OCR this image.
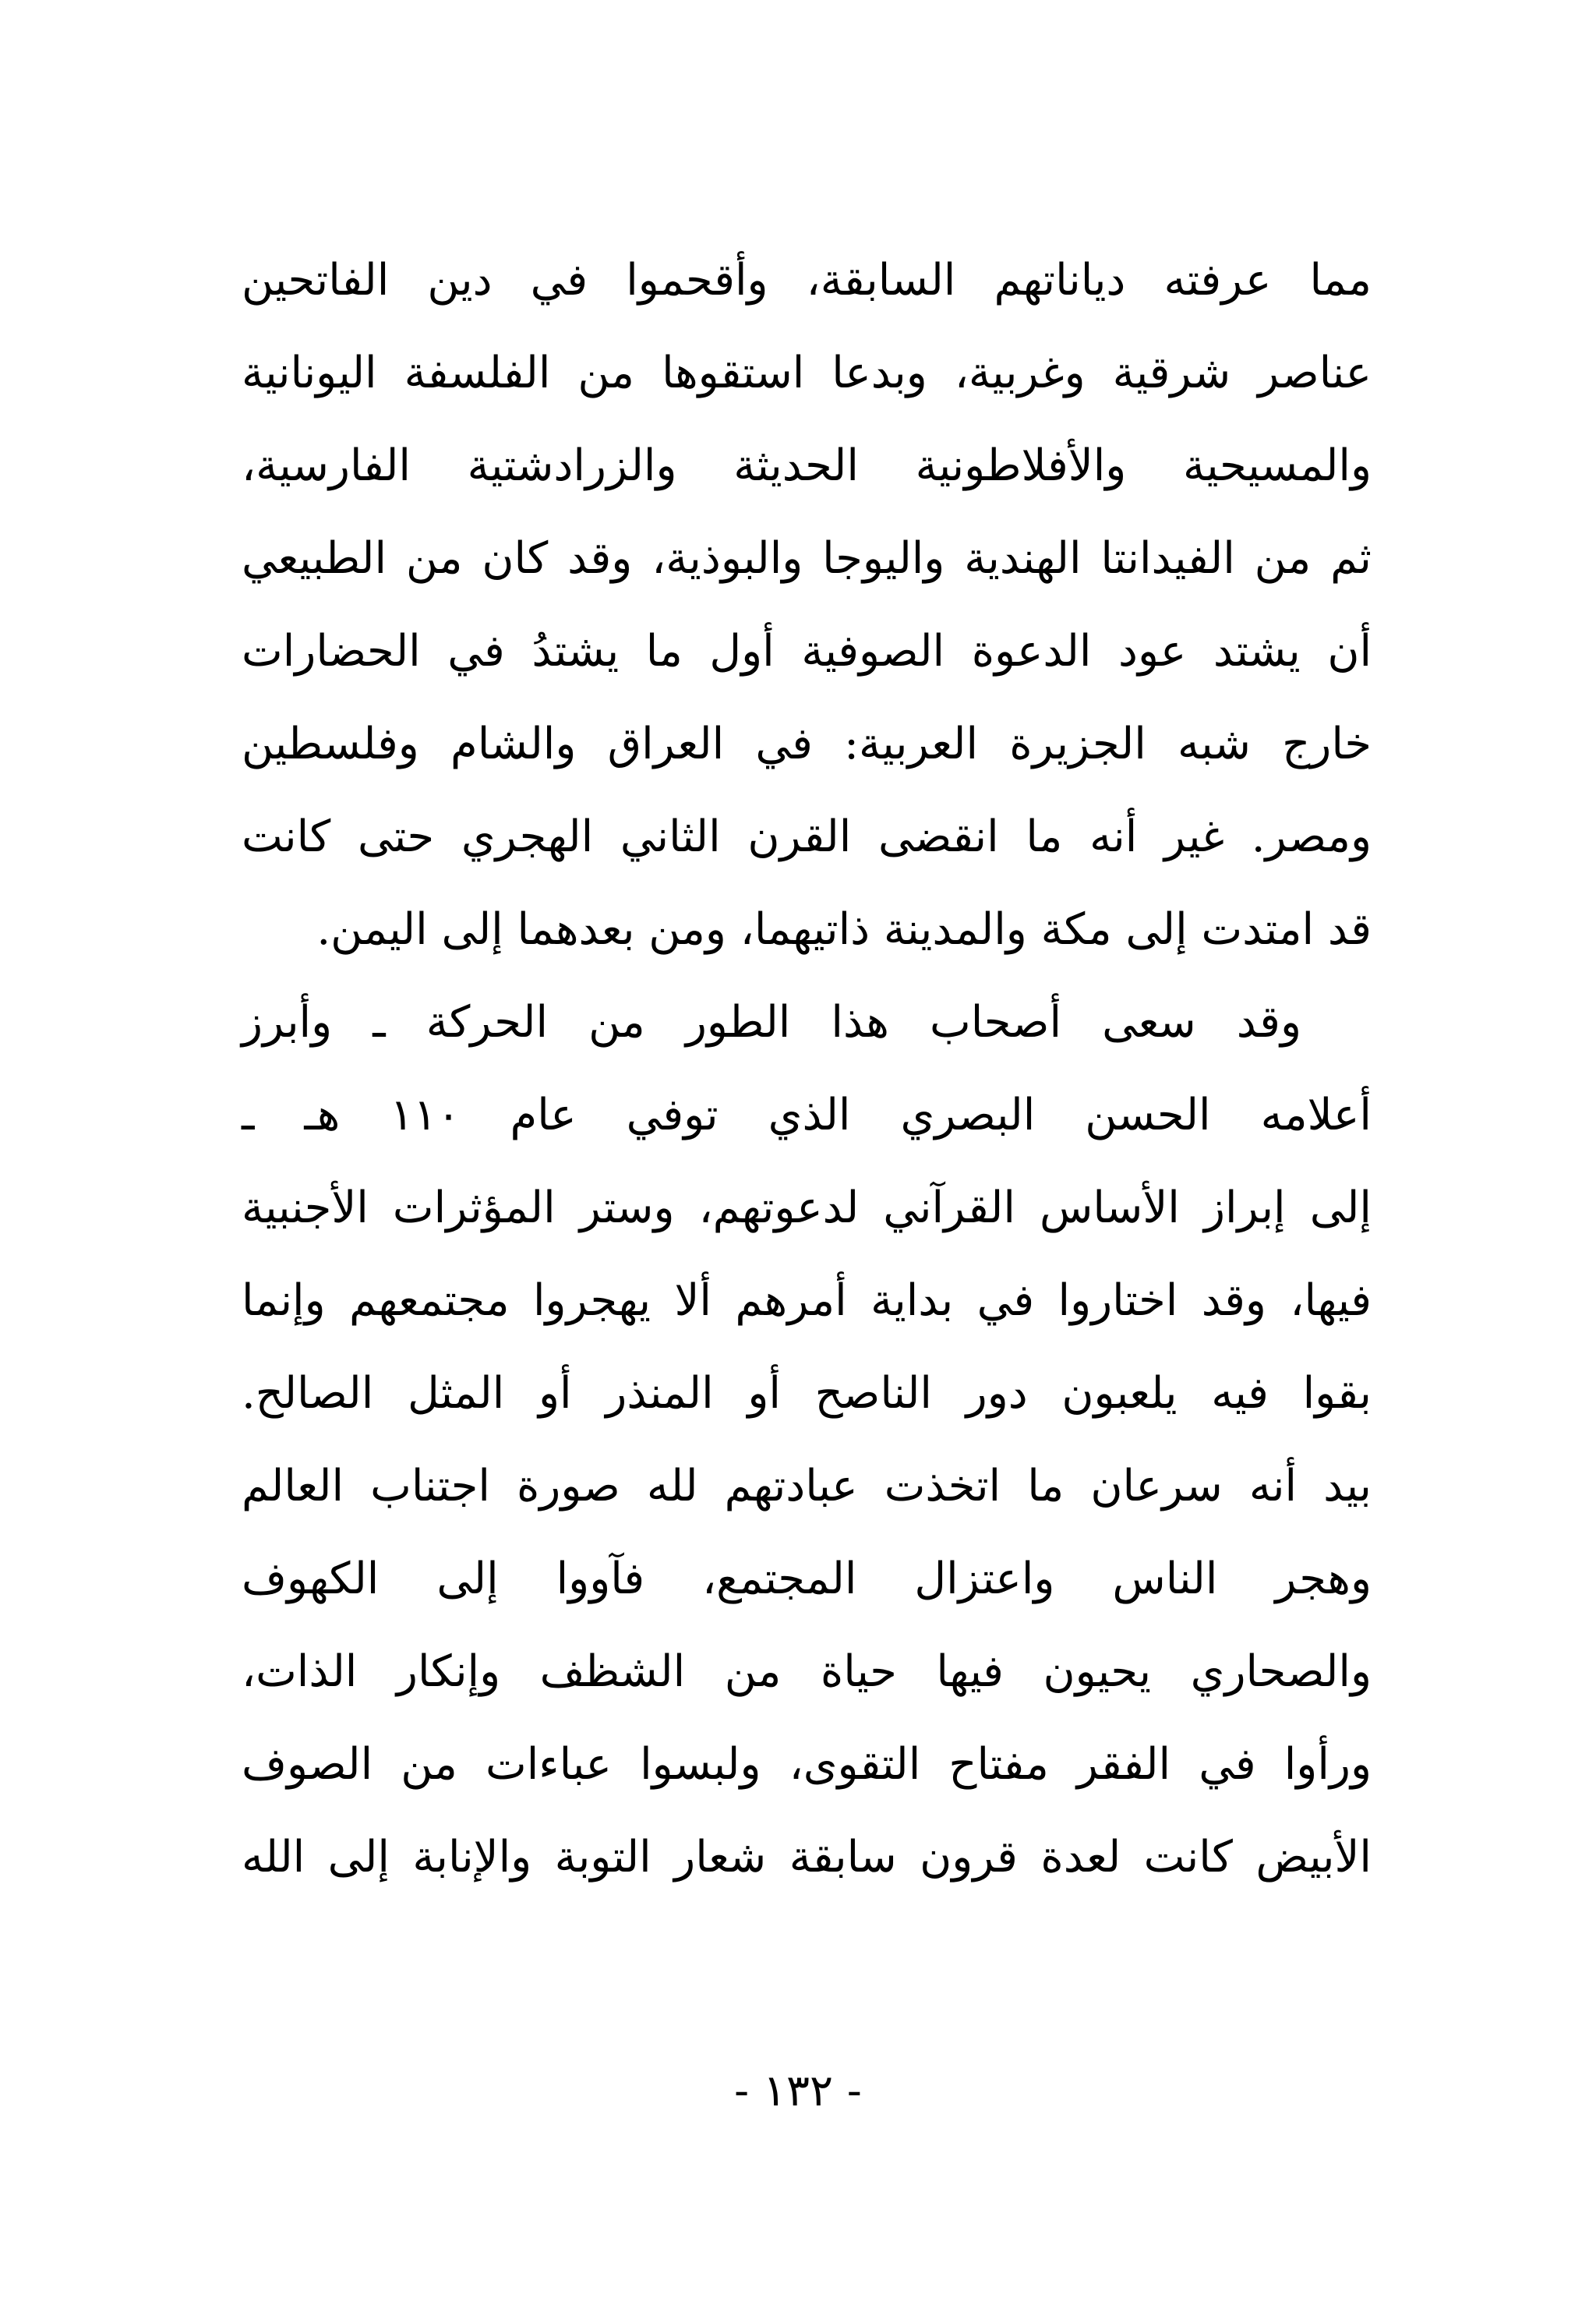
مما عرفته دياناتهم السابقة، وأقحموا في دين الفاتحين
عناصر شرقية وغربية، وبدعا استقوها من الفلسفة اليونانية
والمسيحية والأفلاطونية الحديثة والزرادشتية الفارسية،
ثم من الفيدانتا الهندية واليوجا والبوذية، وقد كان من الطبيعي
أن يشتد عود الدعوة الصوفية أول ما يشتدُ في الحضارات
خارج شبه الجزيرة العربية: في العراق والشام وفلسطين
ومصر. غير أنه ما انقضى القرن الثاني الهجري حتى كانت
قد امتدت إلى مكة والمدينة ذاتيهما، ومن بعدهما إلى اليمن.
وقد سعى أصحاب هذا الطور من الحركة ـ وأبرز
أعلامه الحسن البصري الذي توفي عام ١١٠ هـ ـ
إلى إبراز الأساس القرآني لدعوتهم، وستر المؤثرات الأجنبية
فيها، وقد اختاروا في بداية أمرهم ألا يهجروا مجتمعهم وإنما
بقوا فيه يلعبون دور الناصح أو المنذر أو المثل الصالح.
بيد أنه سرعان ما اتخذت عبادتهم لله صورة اجتناب العالم
وهجر الناس واعتزال المجتمع، فآووا إلى الكهوف
والصحاري يحيون فيها حياة من الشظف وإنكار الذات،
ورأوا في الفقر مفتاح التقوى، ولبسوا عباءات من الصوف
الأبيض كانت لعدة قرون سابقة شعار التوبة والإنابة إلى الله
- ١٣٢ -
